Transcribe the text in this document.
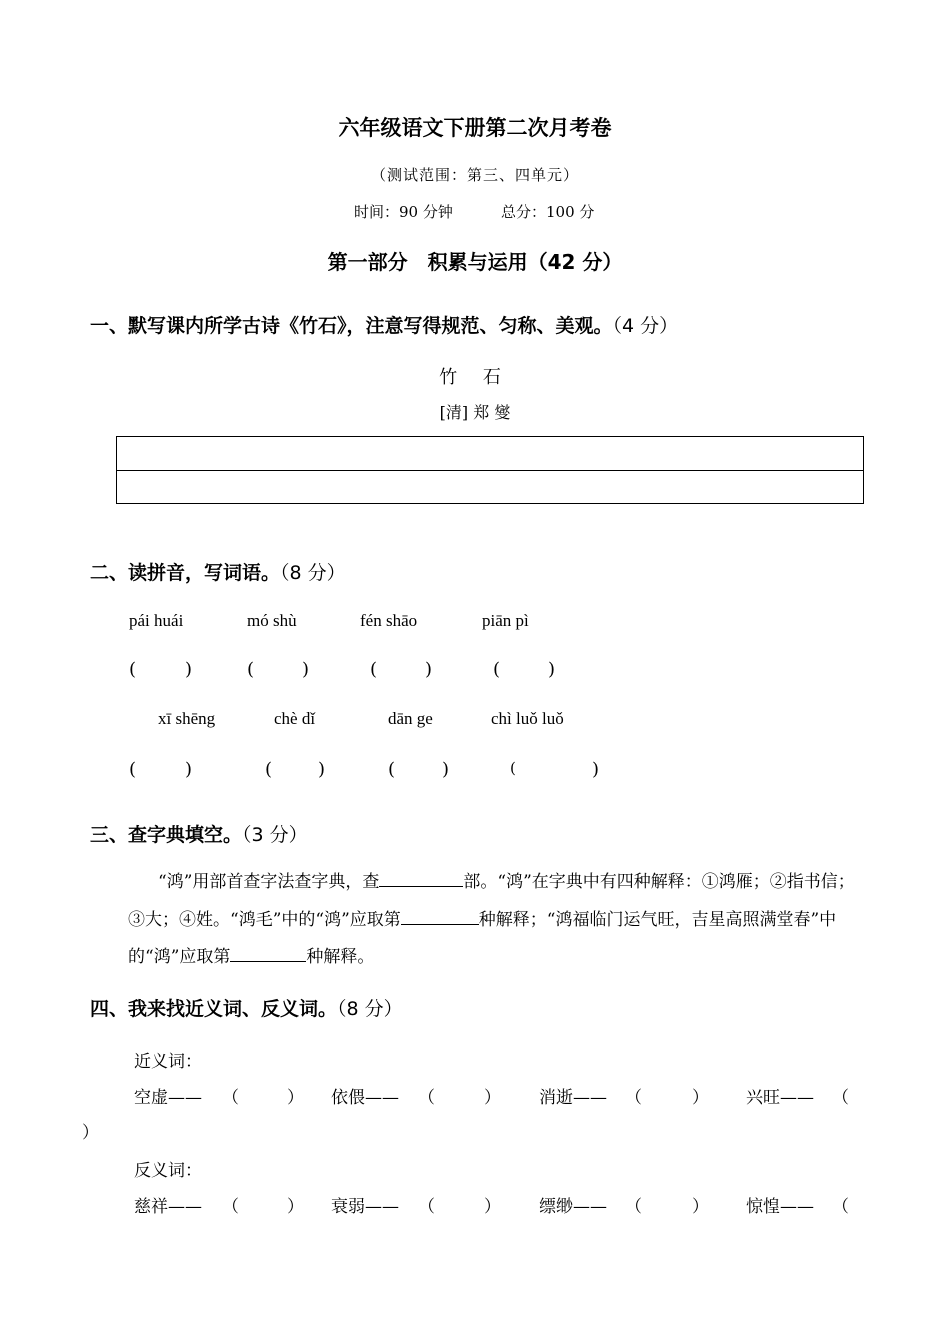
六年级语文下册第二次月考卷
（测试范围：第三、四单元）
时间：90 分钟	总分：100 分
第一部分　积累与运用（42 分）
一、默写课内所学古诗《竹石》，注意写得规范、匀称、美观。（4 分）
竹 石
[清] 郑 燮
二、读拼音，写词语。（8 分）
pái huái	mó shù	fén shāo	piān pì
(	)	(	)	(	)	(	)
xī shēng	chè dǐ	dān ge	chì luǒ luǒ
(	)	(	)	(	)	(	)
三、查字典填空。（3 分）
“鸿”用部首查字法查字典，查	部。“鸿”在字典中有四种解释：①鸿雁；②指书信；③大；④姓。“鸿毛”中的“鸿”应取第	种解释；“鸿福临门运气旺，吉星高照满堂春”中的“鸿”应取第	种解释。
四、我来找近义词、反义词。（8 分）
近义词：
空虚—— （	） 依偎—— （	） 消逝—— （	） 兴旺—— （
）
反义词：
慈祥—— （	） 衰弱—— （	） 缥缈—— （	） 惊惶—— （
